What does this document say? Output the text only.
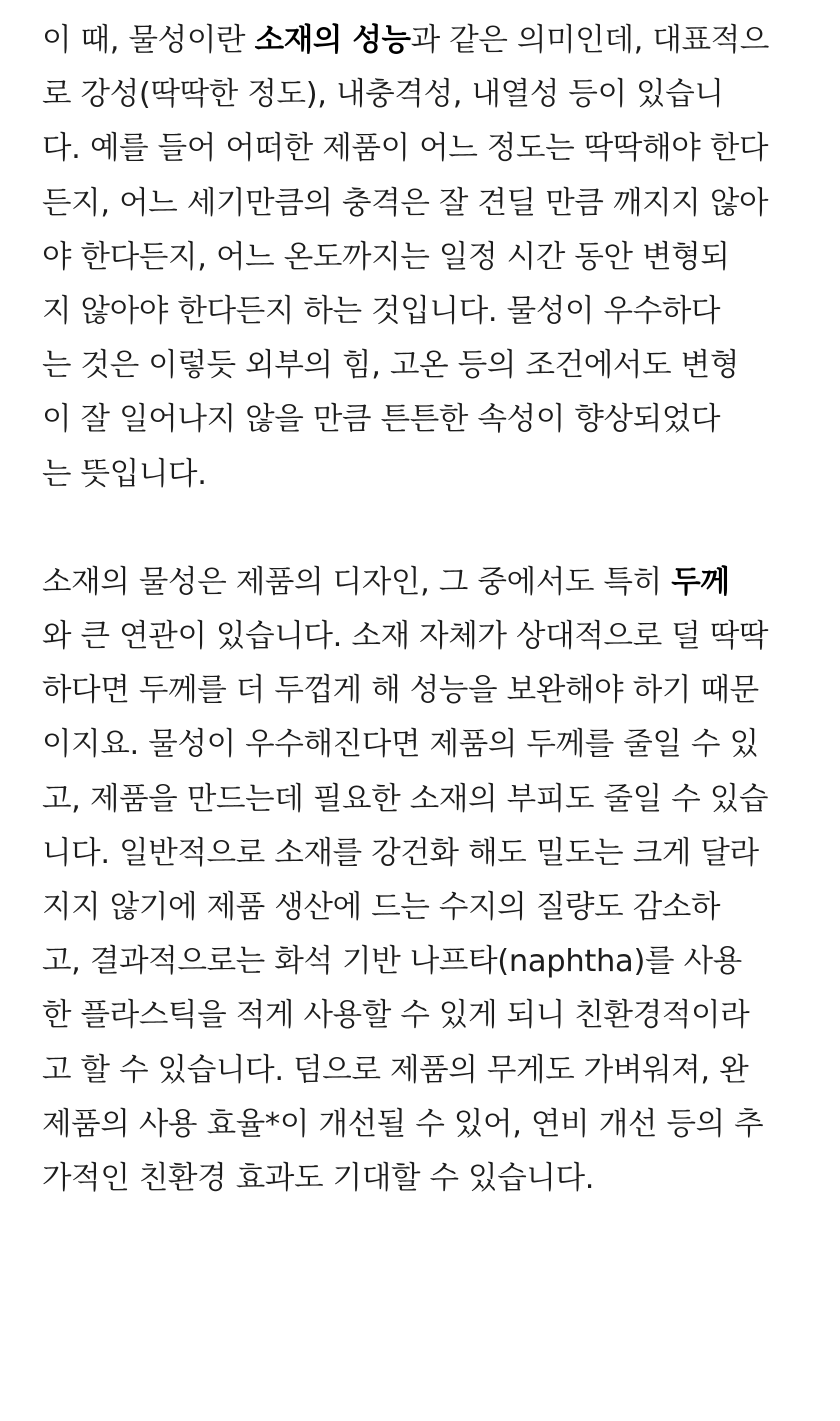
이 때, 물성이란 소재의 성능과 같은 의미인데, 대표적으
로 강성(딱딱한 정도), 내충격성, 내열성 등이 있습니
다. 예를 들어 어떠한 제품이 어느 정도는 딱딱해야 한다
든지, 어느 세기만큼의 충격은 잘 견딜 만큼 깨지지 않아
야 한다든지, 어느 온도까지는 일정 시간 동안 변형되
지 않아야 한다든지 하는 것입니다. 물성이 우수하다
는 것은 이렇듯 외부의 힘, 고온 등의 조건에서도 변형
이 잘 일어나지 않을 만큼 튼튼한 속성이 향상되었다
는 뜻입니다.
소재의 물성은 제품의 디자인, 그 중에서도 특히 두께
와 큰 연관이 있습니다. 소재 자체가 상대적으로 덜 딱딱
하다면 두께를 더 두껍게 해 성능을 보완해야 하기 때문
이지요. 물성이 우수해진다면 제품의 두께를 줄일 수 있
고, 제품을 만드는데 필요한 소재의 부피도 줄일 수 있습
니다. 일반적으로 소재를 강건화 해도 밀도는 크게 달라
지지 않기에 제품 생산에 드는 수지의 질량도 감소하
고, 결과적으로는 화석 기반 나프타(naphtha)를 사용
한 플라스틱을 적게 사용할 수 있게 되니 친환경적이라
고 할 수 있습니다. 덤으로 제품의 무게도 가벼워져, 완
제품의 사용 효율*이 개선될 수 있어, 연비 개선 등의 추
가적인 친환경 효과도 기대할 수 있습니다.
